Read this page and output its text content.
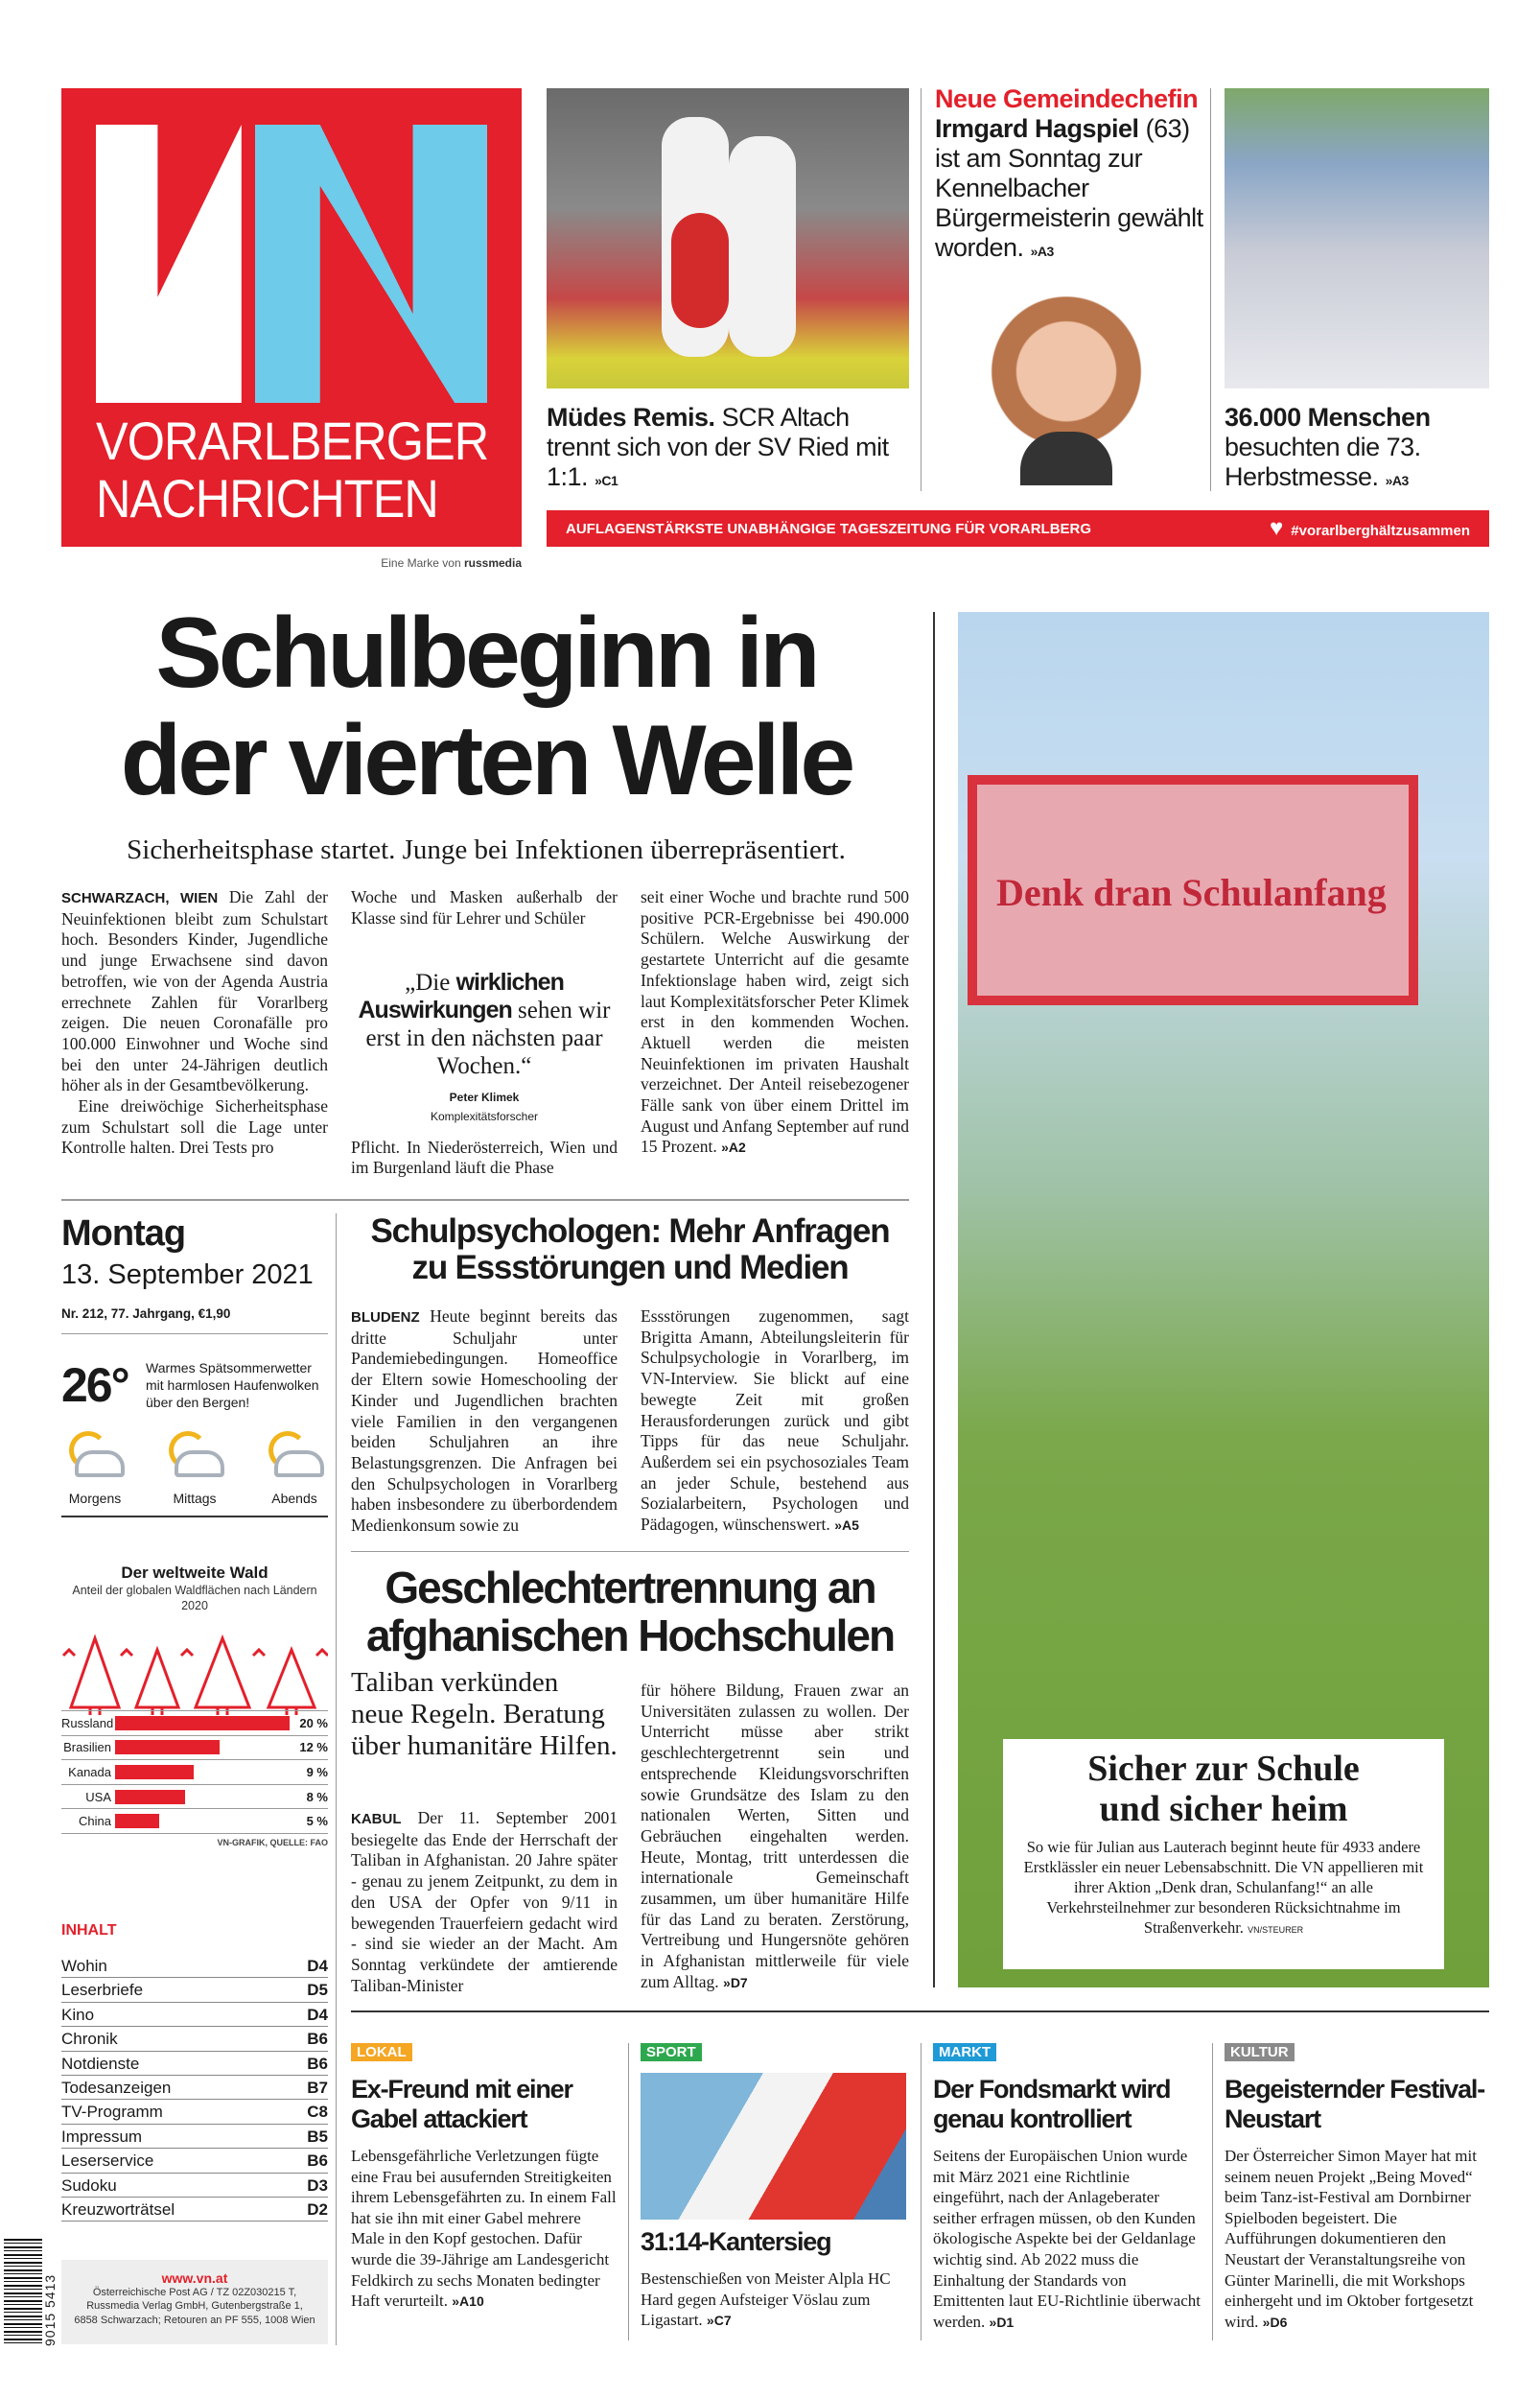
VORARLBERGER
NACHRICHTEN
Eine Marke von russmedia
Müdes Remis. SCR Altach trennt sich von der SV Ried mit 1:1. »C1
Neue Gemeindechefin
Irmgard Hagspiel (63) ist am Sonntag zur Kennelbacher Bürgermeisterin gewählt worden. »A3
36.000 Menschen besuchten die 73. Herbstmesse. »A3
AUFLAGENSTÄRKSTE UNABHÄNGIGE TAGESZEITUNG FÜR VORARLBERG	♥ #vorarlberghältzusammen
Schulbeginn in
der vierten Welle
Sicherheitsphase startet. Junge bei Infektionen überrepräsentiert.
SCHWARZACH, WIEN Die Zahl der Neuinfektionen bleibt zum Schulstart hoch. Besonders Kinder, Jugendliche und junge Erwachsene sind davon betroffen, wie von der Agenda Austria errechnete Zahlen für Vorarlberg zeigen. Die neuen Coronafälle pro 100.000 Einwohner und Woche sind bei den unter 24-Jährigen deutlich höher als in der Gesamtbevölkerung.
Eine dreiwöchige Sicherheitsphase zum Schulstart soll die Lage unter Kontrolle halten. Drei Tests pro
Woche und Masken außerhalb der Klasse sind für Lehrer und Schüler
„Die wirklichen Auswirkungen sehen wir erst in den nächsten paar Wochen.“
Peter Klimek
Komplexitätsforscher
Pflicht. In Niederösterreich, Wien und im Burgenland läuft die Phase
seit einer Woche und brachte rund 500 positive PCR-Ergebnisse bei 490.000 Schülern. Welche Auswirkung der gestartete Unterricht auf die gesamte Infektionslage haben wird, zeigt sich laut Komplexitätsforscher Peter Klimek erst in den kommenden Wochen. Aktuell werden die meisten Neuinfektionen im privaten Haushalt verzeichnet. Der Anteil reisebezogener Fälle sank von über einem Drittel im August und Anfang September auf rund 15 Prozent. »A2
Denk dran Schulanfang
Sicher zur Schule
und sicher heim

So wie für Julian aus Lauterach beginnt heute für 4933 andere Erstklässler ein neuer Lebensabschnitt. Die VN appellieren mit ihrer Aktion „Denk dran, Schulanfang!“ an alle Verkehrsteilnehmer zur besonderen Rücksichtnahme im Straßenverkehr. VN/STEURER

Montag
13. September 2021
Nr. 212, 77. Jahrgang, €1,90
26° Warmes Spätsommerwetter mit harmlosen Haufenwolken über den Bergen!
Morgens	Mittags	Abends
Der weltweite Wald

Anteil der globalen Waldflächen nach Ländern 2020

Russland	20 %
Brasilien	12 %
Kanada	9 %
USA	8 %
China	5 %
VN-GRAFIK, QUELLE: FAO
INHALT
Wohin	D4
Leserbriefe	D5
Kino	D4
Chronik	B6
Notdienste	B6
Todesanzeigen	B7
TV-Programm	C8
Impressum	B5
Leserservice	B6
Sudoku	D3
Kreuzworträtsel	D2
9015 5413	www.vn.at
Österreichische Post AG / TZ 02Z030215 T,
Russmedia Verlag GmbH, Gutenbergstraße 1,
6858 Schwarzach; Retouren an PF 555, 1008 Wien
Schulpsychologen: Mehr Anfragen zu Essstörungen und Medien
BLUDENZ Heute beginnt bereits das dritte Schuljahr unter Pandemiebedingungen. Homeoffice der Eltern sowie Homeschooling der Kinder und Jugendlichen brachten viele Familien in den vergangenen beiden Schuljahren an ihre Belastungsgrenzen. Die Anfragen bei den Schulpsychologen in Vorarlberg haben insbesondere zu überbordendem Medienkonsum sowie zu
Essstörungen zugenommen, sagt Brigitta Amann, Abteilungsleiterin für Schulpsychologie in Vorarlberg, im VN-Interview. Sie blickt auf eine bewegte Zeit mit großen Herausforderungen zurück und gibt Tipps für das neue Schuljahr. Außerdem sei ein psychosoziales Team an jeder Schule, bestehend aus Sozialarbeitern, Psychologen und Pädagogen, wünschenswert. »A5
Geschlechtertrennung an afghanischen Hochschulen
Taliban verkünden neue Regeln. Beratung über humanitäre Hilfen.
KABUL Der 11. September 2001 besiegelte das Ende der Herrschaft der Taliban in Afghanistan. 20 Jahre später - genau zu jenem Zeitpunkt, zu dem in den USA der Opfer von 9/11 in bewegenden Trauerfeiern gedacht wird - sind sie wieder an der Macht. Am Sonntag verkündete der amtierende Taliban-Minister
für höhere Bildung, Frauen zwar an Universitäten zulassen zu wollen. Der Unterricht müsse aber strikt geschlechtergetrennt sein und entsprechende Kleidungsvorschriften sowie Grundsätze des Islam zu den nationalen Werten, Sitten und Gebräuchen eingehalten werden. Heute, Montag, tritt unterdessen die internationale Gemeinschaft zusammen, um über humanitäre Hilfe für das Land zu beraten. Zerstörung, Vertreibung und Hungersnöte gehören in Afghanistan mittlerweile für viele zum Alltag. »D7
LOKAL
Ex-Freund mit einer Gabel attackiert
Lebensgefährliche Verletzungen fügte eine Frau bei ausufernden Streitigkeiten ihrem Lebensgefährten zu. In einem Fall hat sie ihn mit einer Gabel mehrere Male in den Kopf gestochen. Dafür wurde die 39-Jährige am Landesgericht Feldkirch zu sechs Monaten bedingter Haft verurteilt. »A10
SPORT
31:14-Kantersieg
Bestenschießen von Meister Alpla HC Hard gegen Aufsteiger Vöslau zum Ligastart. »C7
MARKT
Der Fondsmarkt wird genau kontrolliert
Seitens der Europäischen Union wurde mit März 2021 eine Richtlinie eingeführt, nach der Anlageberater seither erfragen müssen, ob den Kunden ökologische Aspekte bei der Geldanlage wichtig sind. Ab 2022 muss die Einhaltung der Standards von Emittenten laut EU-Richtlinie überwacht werden. »D1
KULTUR
Begeisternder Festival-Neustart
Der Österreicher Simon Mayer hat mit seinem neuen Projekt „Being Moved“ beim Tanz-ist-Festival am Dornbirner Spielboden begeistert. Die Aufführungen dokumentieren den Neustart der Veranstaltungsreihe von Günter Marinelli, die mit Workshops einhergeht und im Oktober fortgesetzt wird. »D6
